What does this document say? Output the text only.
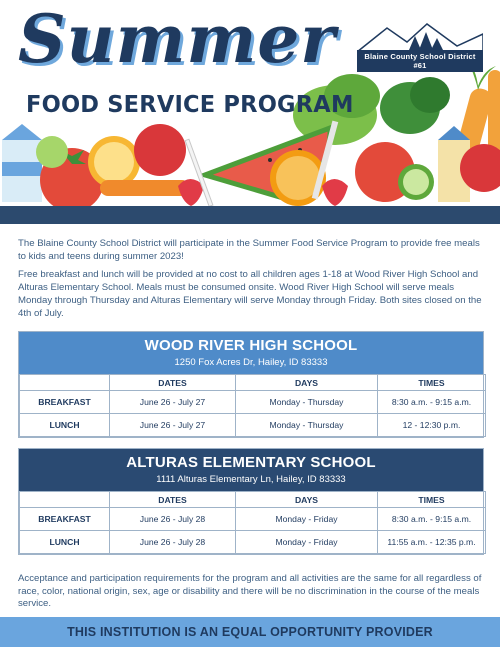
Summer
FOOD SERVICE PROGRAM
Blaine County School District #61

The Blaine County School District will participate in the Summer Food Service Program to provide free meals to kids and teens during summer 2023!

Free breakfast and lunch will be provided at no cost to all children ages 1-18 at Wood River High School and Alturas Elementary School. Meals must be consumed onsite. Wood River High School will serve meals Monday through Thursday and Alturas Elementary will serve Monday through Friday. Both sites closed on the 4th of July.

WOOD RIVER HIGH SCHOOL
1250 Fox Acres Dr, Hailey, ID 83333
	DATES	DAYS	TIMES
BREAKFAST	June 26 - July 27	Monday - Thursday	8:30 a.m. - 9:15 a.m.
LUNCH	June 26 - July 27	Monday - Thursday	12 - 12:30 p.m.
ALTURAS ELEMENTARY SCHOOL
1111 Alturas Elementary Ln, Hailey, ID 83333
	DATES	DAYS	TIMES
BREAKFAST	June 26 - July 28	Monday - Friday	8:30 a.m. - 9:15 a.m.
LUNCH	June 26 - July 28	Monday - Friday	11:55 a.m. - 12:35 p.m.

Acceptance and participation requirements for the program and all activities are the same for all regardless of race, color, national origin, sex, age or disability and there will be no discrimination in the course of the meals service.

THIS INSTITUTION IS AN EQUAL OPPORTUNITY PROVIDER
